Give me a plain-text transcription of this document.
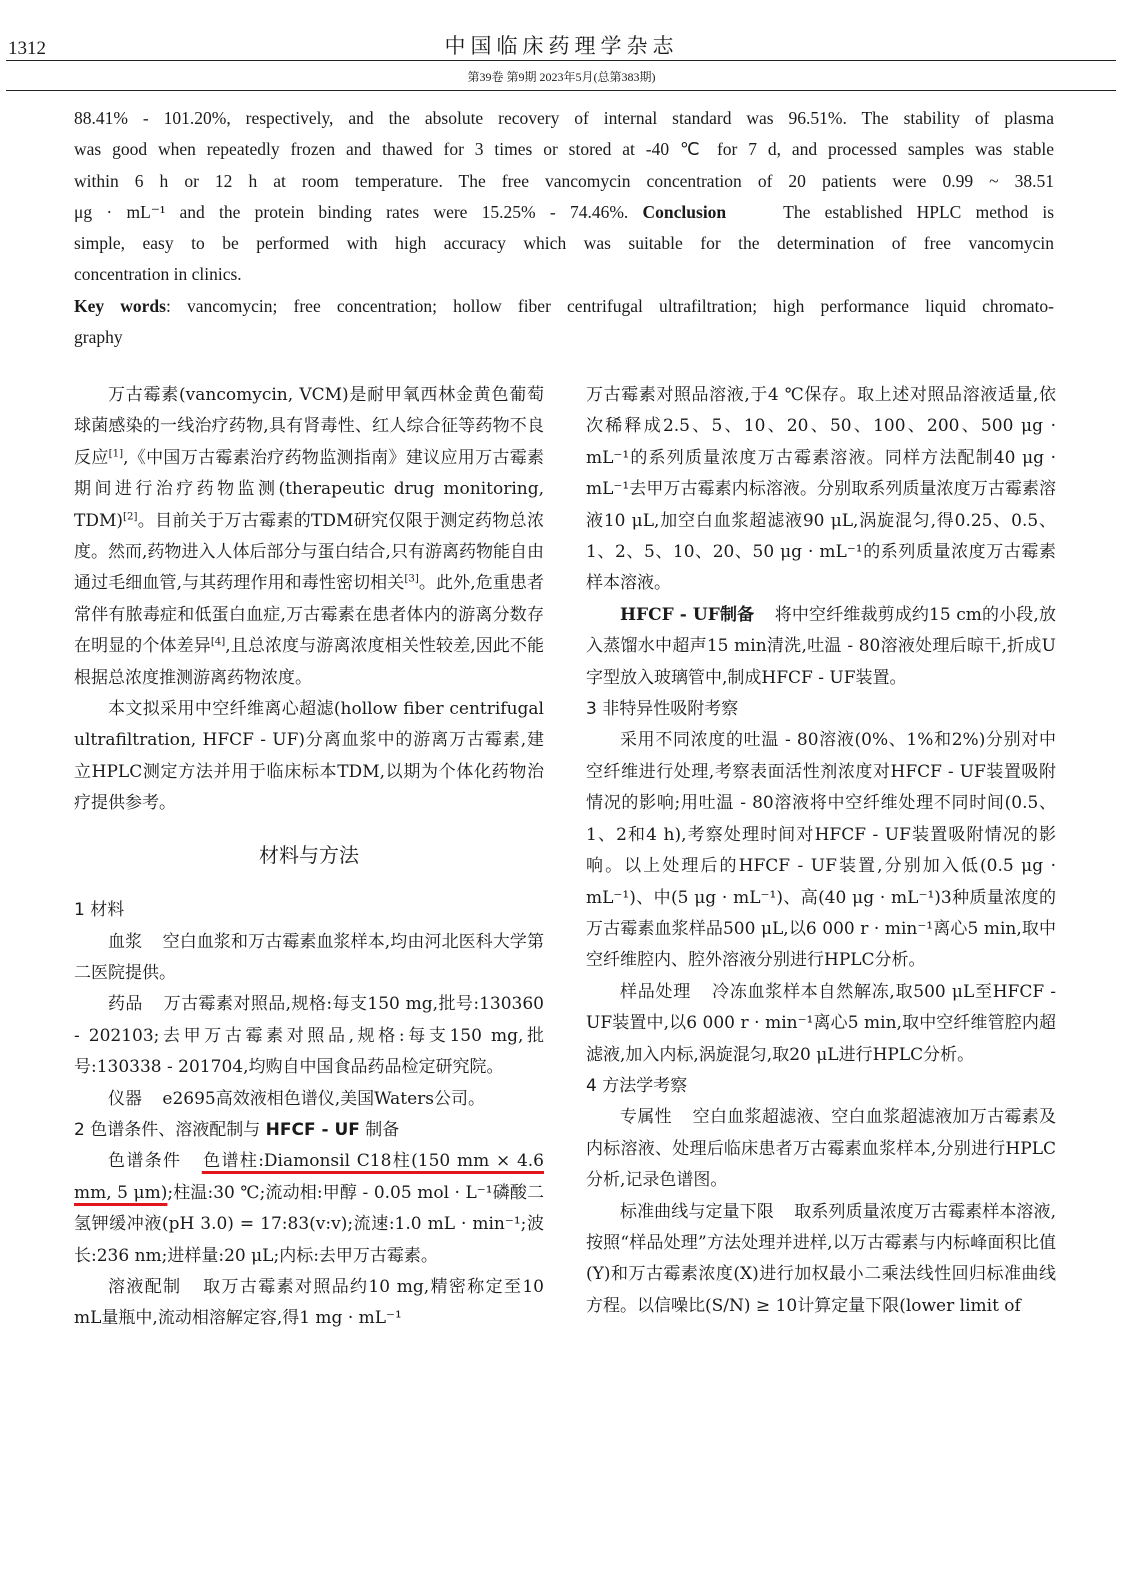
1312	中国临床药理学杂志
第39卷 第9期 2023年5月(总第383期)
88.41% - 101.20%, respectively, and the absolute recovery of internal standard was 96.51%. The stability of plasma
was good when repeatedly frozen and thawed for 3 times or stored at -40 ℃ for 7 d, and processed samples was stable
within 6 h or 12 h at room temperature. The free vancomycin concentration of 20 patients were 0.99 ~ 38.51
μg · mL⁻¹ and the protein binding rates were 15.25% - 74.46%. Conclusion	The established HPLC method is
simple, easy to be performed with high accuracy which was suitable for the determination of free vancomycin
concentration in clinics.
Key words: vancomycin; free concentration; hollow fiber centrifugal ultrafiltration; high performance liquid chromato-
graphy

万古霉素(vancomycin, VCM)是耐甲氧西林金黄色葡萄球菌感染的一线治疗药物,具有肾毒性、红人综合征等药物不良反应[1],《中国万古霉素治疗药物监测指南》建议应用万古霉素期间进行治疗药物监测(therapeutic drug monitoring, TDM)[2]。目前关于万古霉素的TDM研究仅限于测定药物总浓度。然而,药物进入人体后部分与蛋白结合,只有游离药物能自由通过毛细血管,与其药理作用和毒性密切相关[3]。此外,危重患者常伴有脓毒症和低蛋白血症,万古霉素在患者体内的游离分数存在明显的个体差异[4],且总浓度与游离浓度相关性较差,因此不能根据总浓度推测游离药物浓度。

本文拟采用中空纤维离心超滤(hollow fiber centrifugal ultrafiltration, HFCF - UF)分离血浆中的游离万古霉素,建立HPLC测定方法并用于临床标本TDM,以期为个体化药物治疗提供参考。

材料与方法

1 材料

血浆 空白血浆和万古霉素血浆样本,均由河北医科大学第二医院提供。

药品 万古霉素对照品,规格:每支150 mg,批号:130360 - 202103;去甲万古霉素对照品,规格:每支150 mg,批号:130338 - 201704,均购自中国食品药品检定研究院。

仪器 e2695高效液相色谱仪,美国Waters公司。

2 色谱条件、溶液配制与 HFCF - UF 制备

色谱条件 色谱柱:Diamonsil C18柱(150 mm × 4.6 mm, 5 μm);柱温:30 ℃;流动相:甲醇 - 0.05 mol · L⁻¹磷酸二氢钾缓冲液(pH 3.0) = 17:83(v:v);流速:1.0 mL · min⁻¹;波长:236 nm;进样量:20 μL;内标:去甲万古霉素。

溶液配制 取万古霉素对照品约10 mg,精密称定至10 mL量瓶中,流动相溶解定容,得1 mg · mL⁻¹

万古霉素对照品溶液,于4 ℃保存。取上述对照品溶液适量,依次稀释成2.5、5、10、20、50、100、200、500 μg · mL⁻¹的系列质量浓度万古霉素溶液。同样方法配制40 μg · mL⁻¹去甲万古霉素内标溶液。分别取系列质量浓度万古霉素溶液10 μL,加空白血浆超滤液90 μL,涡旋混匀,得0.25、0.5、1、2、5、10、20、50 μg · mL⁻¹的系列质量浓度万古霉素样本溶液。

HFCF - UF制备 将中空纤维裁剪成约15 cm的小段,放入蒸馏水中超声15 min清洗,吐温 - 80溶液处理后晾干,折成U字型放入玻璃管中,制成HFCF - UF装置。

3 非特异性吸附考察

采用不同浓度的吐温 - 80溶液(0%、1%和2%)分别对中空纤维进行处理,考察表面活性剂浓度对HFCF - UF装置吸附情况的影响;用吐温 - 80溶液将中空纤维处理不同时间(0.5、1、2和4 h),考察处理时间对HFCF - UF装置吸附情况的影响。以上处理后的HFCF - UF装置,分别加入低(0.5 μg · mL⁻¹)、中(5 μg · mL⁻¹)、高(40 μg · mL⁻¹)3种质量浓度的万古霉素血浆样品500 μL,以6 000 r · min⁻¹离心5 min,取中空纤维腔内、腔外溶液分别进行HPLC分析。

样品处理 冷冻血浆样本自然解冻,取500 μL至HFCF - UF装置中,以6 000 r · min⁻¹离心5 min,取中空纤维管腔内超滤液,加入内标,涡旋混匀,取20 μL进行HPLC分析。

4 方法学考察

专属性 空白血浆超滤液、空白血浆超滤液加万古霉素及内标溶液、处理后临床患者万古霉素血浆样本,分别进行HPLC分析,记录色谱图。

标准曲线与定量下限 取系列质量浓度万古霉素样本溶液,按照“样品处理”方法处理并进样,以万古霉素与内标峰面积比值(Y)和万古霉素浓度(X)进行加权最小二乘法线性回归标准曲线方程。以信噪比(S/N) ≥ 10计算定量下限(lower limit of
